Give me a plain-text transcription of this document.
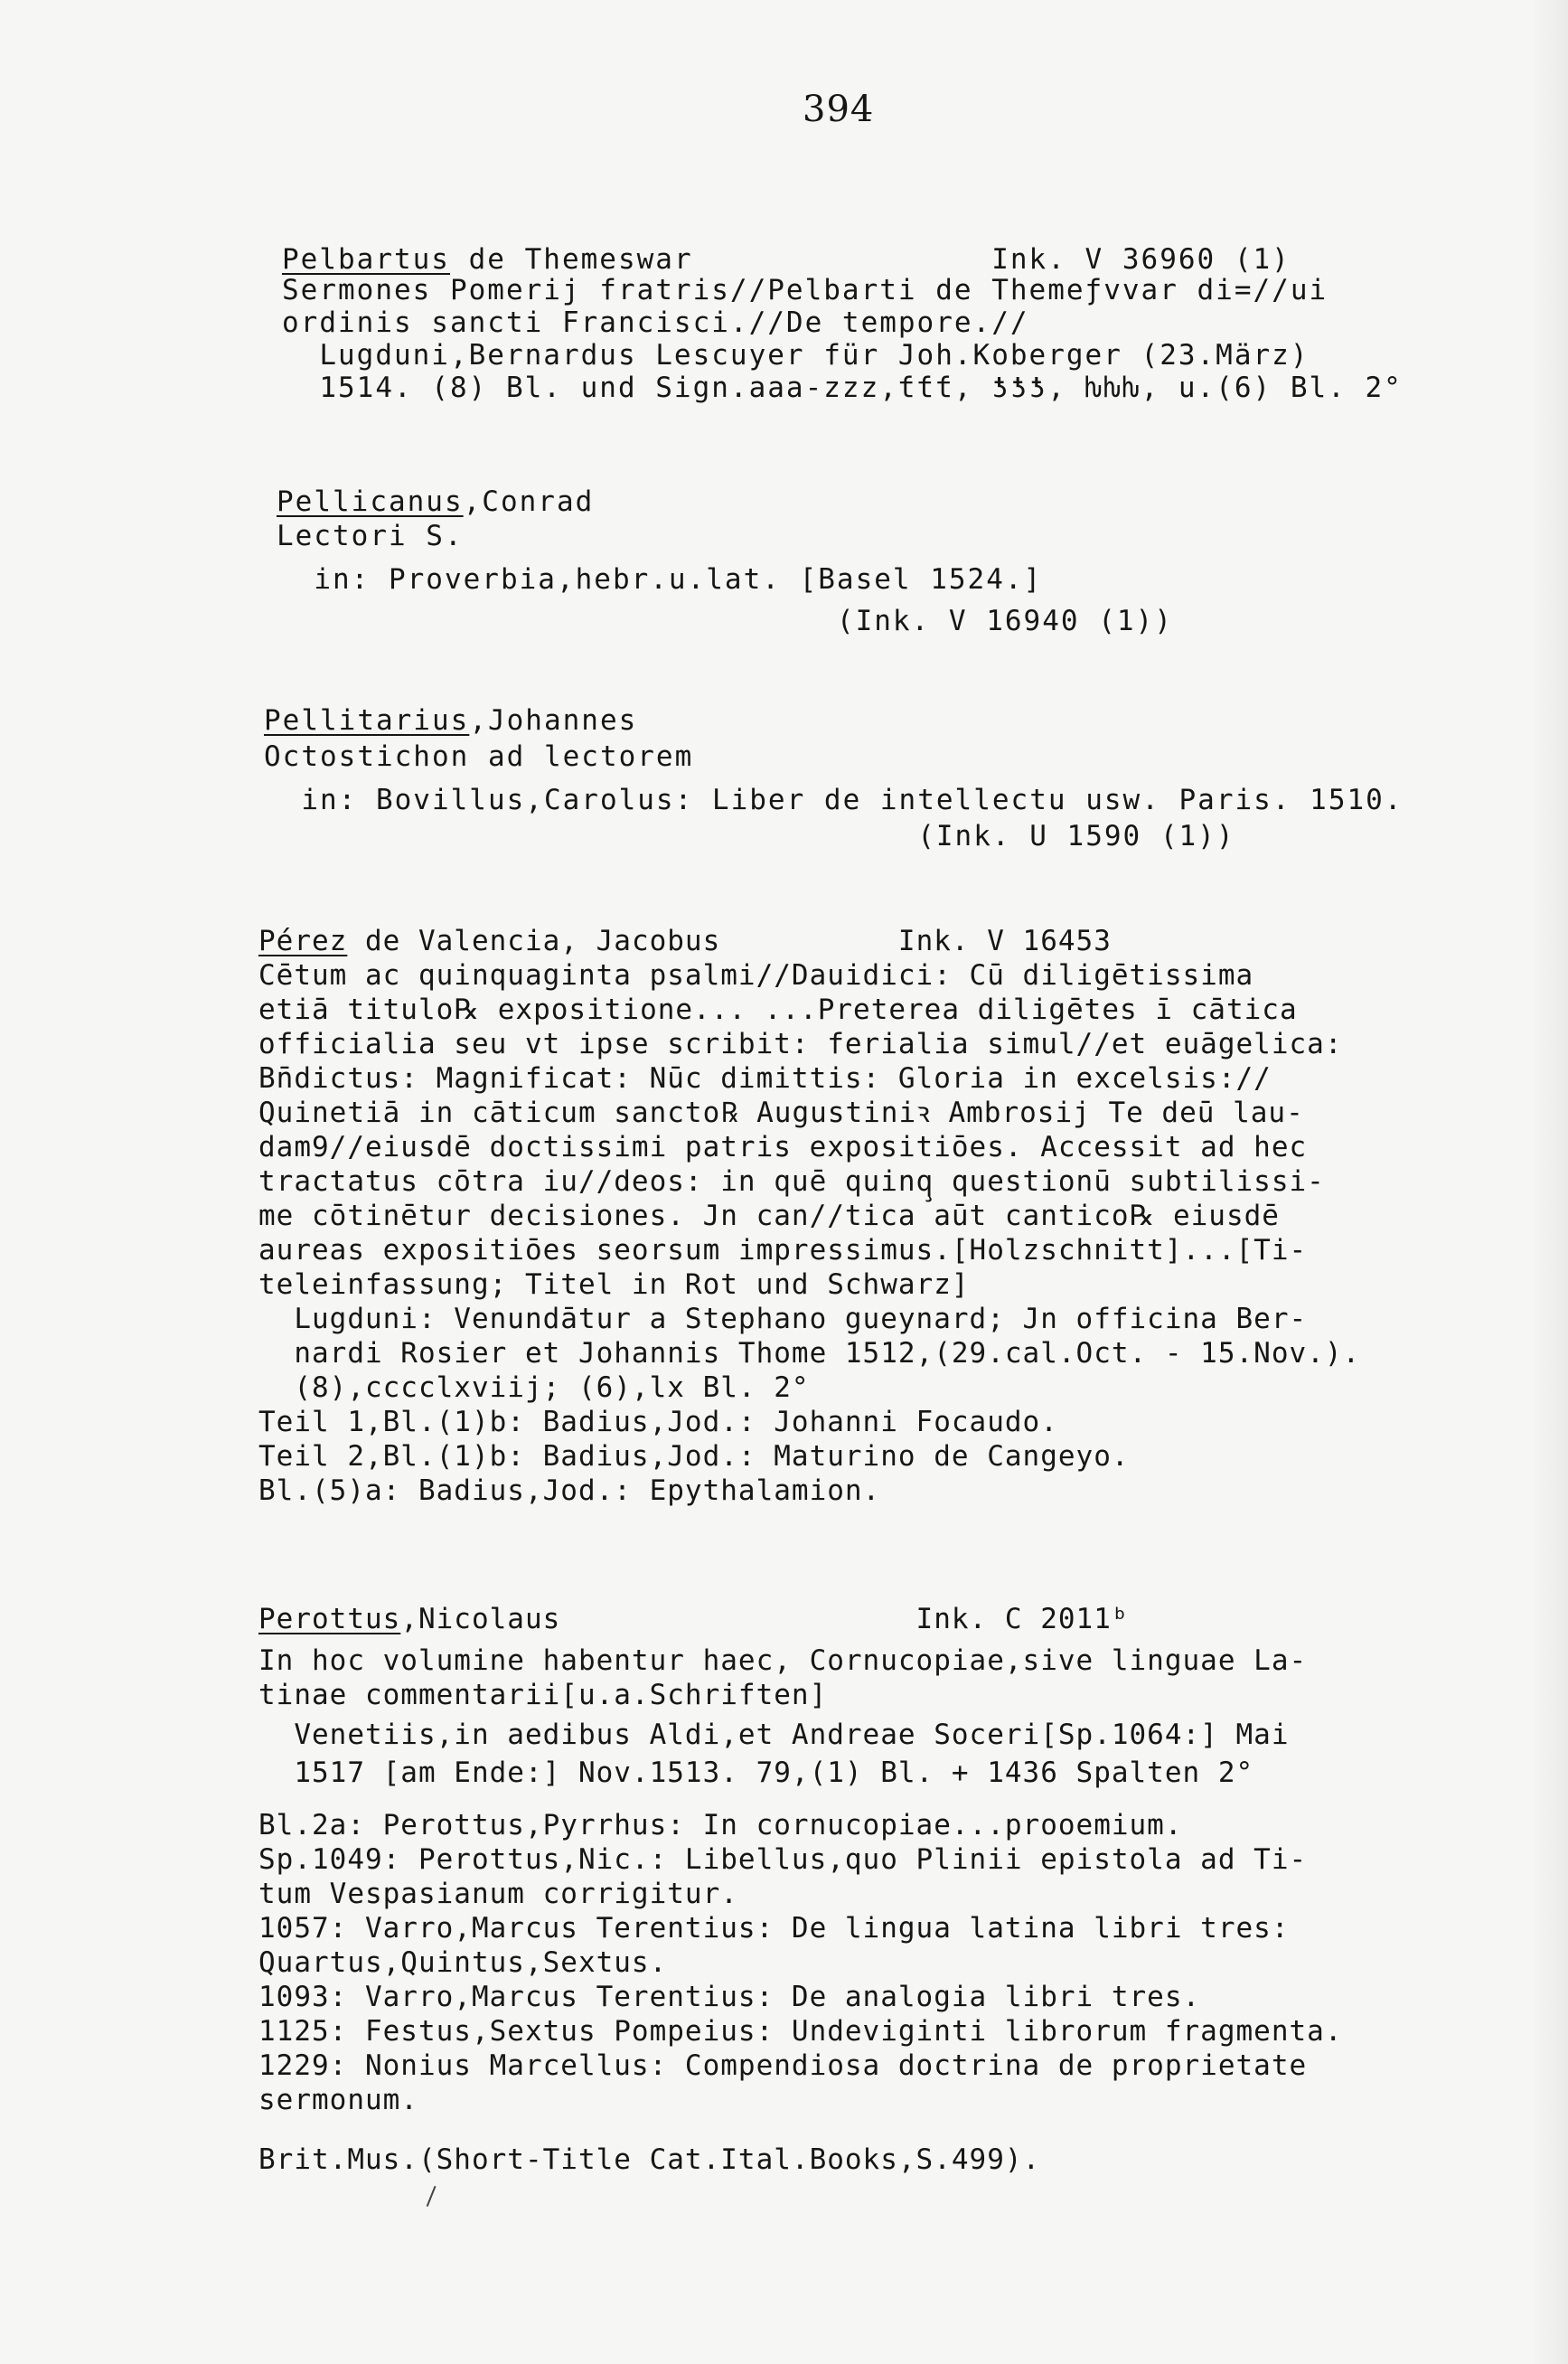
394
Pelbartus de Themeswar                Ink. V 36960 (1)
Sermones Pomerij fratris//Pelbarti de Themeƒvvar di=//ui
ordinis sancti Francisci.//De tempore.//
Lugduni,Bernardus Lescuyer für Joh.Koberger (23.März)
1514. (8) Bl. und Sign.aaa-zzz,ƭƭƭ, ƾƾƾ, ƕƕƕ, u.(6) Bl. 2°
Pellicanus,Conrad
Lectori S.
in: Proverbia,hebr.u.lat. [Basel 1524.]
(Ink. V 16940 (1))
Pellitarius,Johannes
Octostichon ad lectorem
in: Bovillus,Carolus: Liber de intellectu usw. Paris. 1510.
(Ink. U 1590 (1))
Pérez de Valencia, Jacobus          Ink. V 16453
Cētum ac quinquaginta psalmi//Dauidici: Cū diligētissima
etiā titulo℞ expositione... ...Preterea diligētes ī cātica
officialia seu vt ipse scribit: ferialia simul//et euāgelica:
Bn̄dictus: Magnificat: Nūc dimittis: Gloria in excelsis://
Quinetiā in cāticum sancto℞ Augustiniꝛ Ambrosij Te deū lau-
dam9//eiusdē doctissimi patris expositiōes. Accessit ad hec
tractatus cōtra iu//deos: in quē quinq̧ questionū subtilissi-
me cōtinētur decisiones. Jn can//tica aūt cantico℞ eiusdē
aureas expositiōes seorsum impressimus.[Holzschnitt]...[Ti-
teleinfassung; Titel in Rot und Schwarz]
Lugduni: Venundātur a Stephano gueynard; Jn officina Ber-
nardi Rosier et Johannis Thome 1512,(29.cal.Oct. - 15.Nov.).
(8),ccccl​xviij; (6),lx Bl. 2°
Teil 1,Bl.(1)b: Badius,Jod.: Johanni Focaudo.
Teil 2,Bl.(1)b: Badius,Jod.: Maturino de Cangeyo.
Bl.(5)a: Badius,Jod.: Epythalamion.
Perottus,Nicolaus                    Ink. C 2011ᵇ
In hoc volumine habentur haec, Cornucopiae,sive linguae La-
tinae commentarii[u.a.Schriften]
Venetiis,in aedibus Aldi,et Andreae Soceri[Sp.1064:] Mai
1517 [am Ende:] Nov.1513. 79,(1) Bl. + 1436 Spalten 2°
Bl.2a: Perottus,Pyrrhus: In cornucopiae...prooemium.
Sp.1049: Perottus,Nic.: Libellus,quo Plinii epistola ad Ti-
tum Vespasianum corrigitur.
1057: Varro,Marcus Terentius: De lingua latina libri tres:
Quartus,Quintus,Sextus.
1093: Varro,Marcus Terentius: De analogia libri tres.
1125: Festus,Sextus Pompeius: Undeviginti librorum fragmenta.
1229: Nonius Marcellus: Compendiosa doctrina de proprietate
sermonum.
Brit.Mus.(Short-Title Cat.Ital.Books,S.499).
